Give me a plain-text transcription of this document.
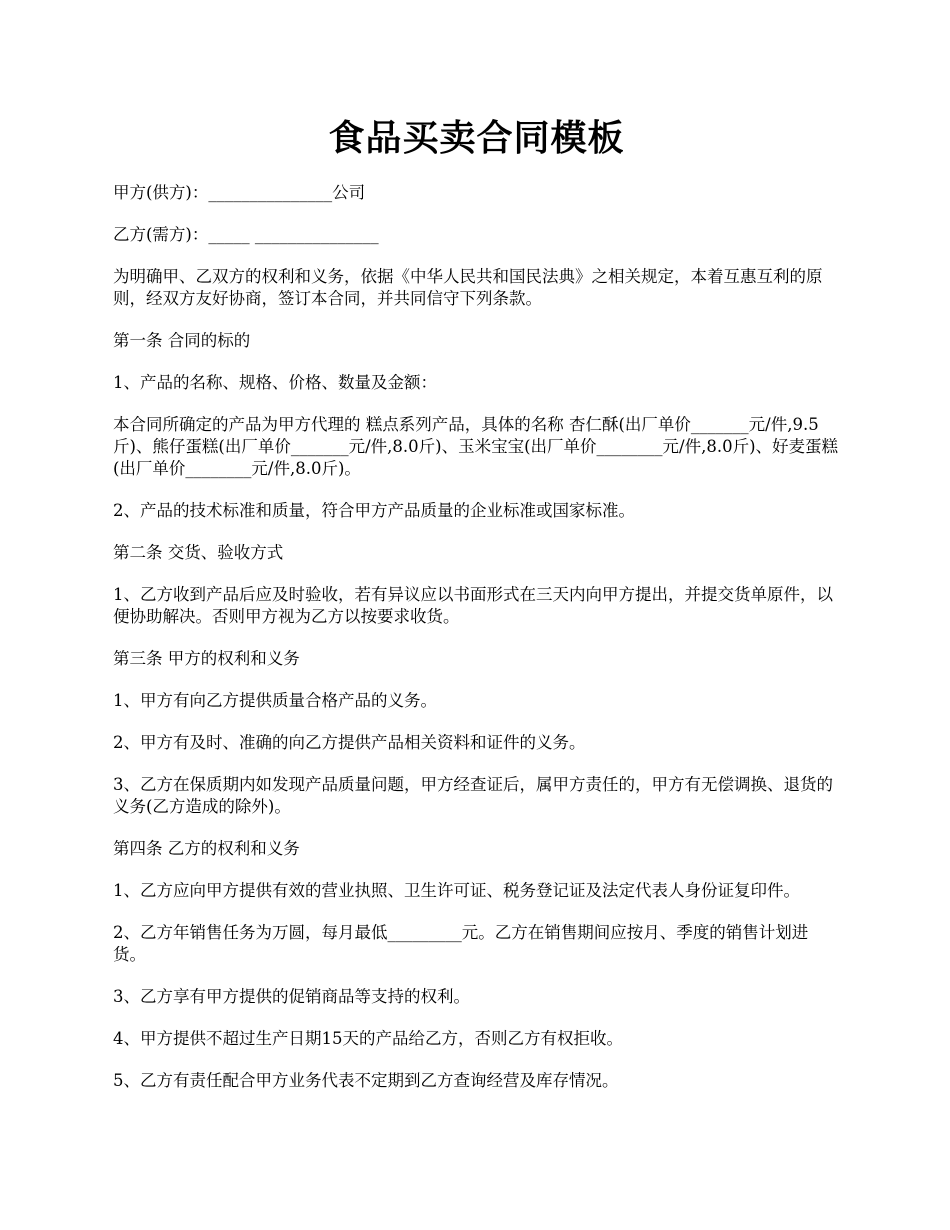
食品买卖合同模板

甲方(供方)：_______________公司

乙方(需方)：_____ _______________

为明确甲、乙双方的权利和义务，依据《中华人民共和国民法典》之相关规定，本着互惠互利的原则，经双方友好协商，签订本合同，并共同信守下列条款。

第一条 合同的标的

1、产品的名称、规格、价格、数量及金额：

本合同所确定的产品为甲方代理的 糕点系列产品，具体的名称 杏仁酥(出厂单价_______元/件,9.5斤)、熊仔蛋糕(出厂单价_______元/件,8.0斤)、玉米宝宝(出厂单价________元/件,8.0斤)、好麦蛋糕(出厂单价________元/件,8.0斤)。

2、产品的技术标准和质量，符合甲方产品质量的企业标准或国家标准。

第二条 交货、验收方式

1、乙方收到产品后应及时验收，若有异议应以书面形式在三天内向甲方提出，并提交货单原件，以便协助解决。否则甲方视为乙方以按要求收货。

第三条 甲方的权利和义务

1、甲方有向乙方提供质量合格产品的义务。

2、甲方有及时、准确的向乙方提供产品相关资料和证件的义务。

3、乙方在保质期内如发现产品质量问题，甲方经查证后，属甲方责任的，甲方有无偿调换、退货的义务(乙方造成的除外)。

第四条 乙方的权利和义务

1、乙方应向甲方提供有效的营业执照、卫生许可证、税务登记证及法定代表人身份证复印件。

2、乙方年销售任务为万圆，每月最低_________元。乙方在销售期间应按月、季度的销售计划进货。

3、乙方享有甲方提供的促销商品等支持的权利。

4、甲方提供不超过生产日期15天的产品给乙方，否则乙方有权拒收。

5、乙方有责任配合甲方业务代表不定期到乙方查询经营及库存情况。
